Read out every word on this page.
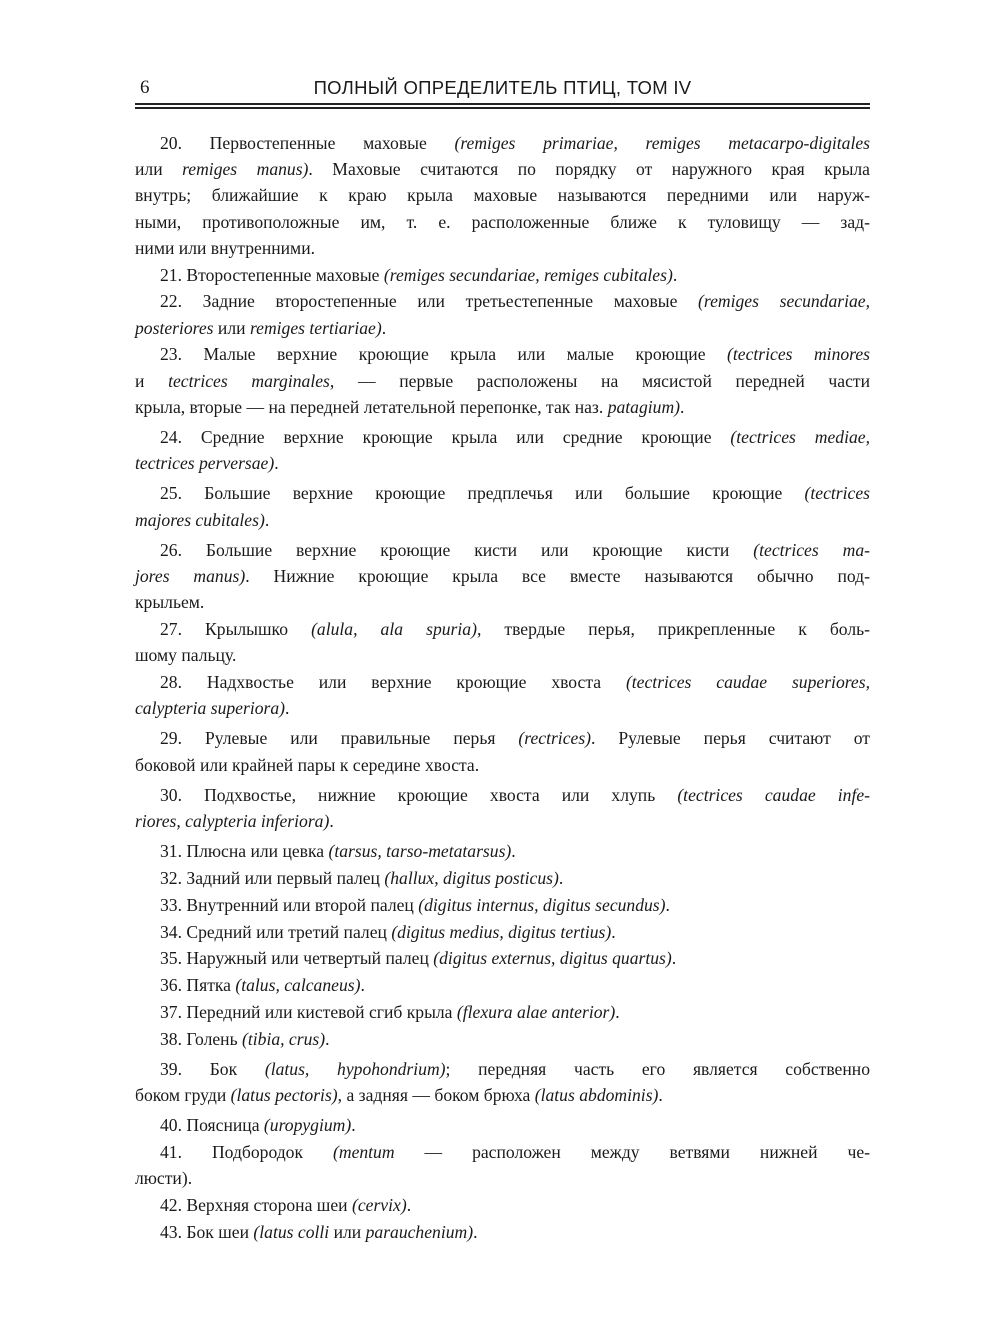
6	ПОЛНЫЙ ОПРЕДЕЛИТЕЛЬ ПТИЦ, ТОМ IV
20. Первостепенные маховые (remiges primariae, remiges metacarpo-digitales
или remiges manus). Маховые считаются по порядку от наружного края крыла
внутрь; ближайшие к краю крыла маховые называются передними или наруж-
ными, противоположные им, т. е. расположенные ближе к туловищу — зад-
ними или внутренними.
21. Второстепенные маховые (remiges secundariae, remiges cubitales).
22. Задние второстепенные или третьестепенные маховые (remiges secundariae,
posteriores или remiges tertiariae).
23. Малые верхние кроющие крыла или малые кроющие (tectrices minores
и tectrices marginales, — первые расположены на мясистой передней части
крыла, вторые — на передней летательной перепонке, так наз. patagium).
24. Средние верхние кроющие крыла или средние кроющие (tectrices mediae,
tectrices perversae).
25. Большие верхние кроющие предплечья или большие кроющие (tectrices
majores cubitales).
26. Большие верхние кроющие кисти или кроющие кисти (tectrices ma-
jores manus). Нижние кроющие крыла все вместе называются обычно под-
крыльем.
27. Крылышко (alula, ala spuria), твердые перья, прикрепленные к боль-
шому пальцу.
28. Надхвостье или верхние кроющие хвоста (tectrices caudae superiores,
calypteria superiora).
29. Рулевые или правильные перья (rectrices). Рулевые перья считают от
боковой или крайней пары к середине хвоста.
30. Подхвостье, нижние кроющие хвоста или хлупь (tectrices caudae infe-
riores, calypteria inferiora).
31. Плюсна или цевка (tarsus, tarso-metatarsus).
32. Задний или первый палец (hallux, digitus posticus).
33. Внутренний или второй палец (digitus internus, digitus secundus).
34. Средний или третий палец (digitus medius, digitus tertius).
35. Наружный или четвертый палец (digitus externus, digitus quartus).
36. Пятка (talus, calcaneus).
37. Передний или кистевой сгиб крыла (flexura alae anterior).
38. Голень (tibia, crus).
39. Бок (latus, hypohondrium); передняя часть его является собственно
боком груди (latus pectoris), а задняя — боком брюха (latus abdominis).
40. Поясница (uropygium).
41. Подбородок (mentum — расположен между ветвями нижней че-
люсти).
42. Верхняя сторона шеи (cervix).
43. Бок шеи (latus colli или parauchenium).
